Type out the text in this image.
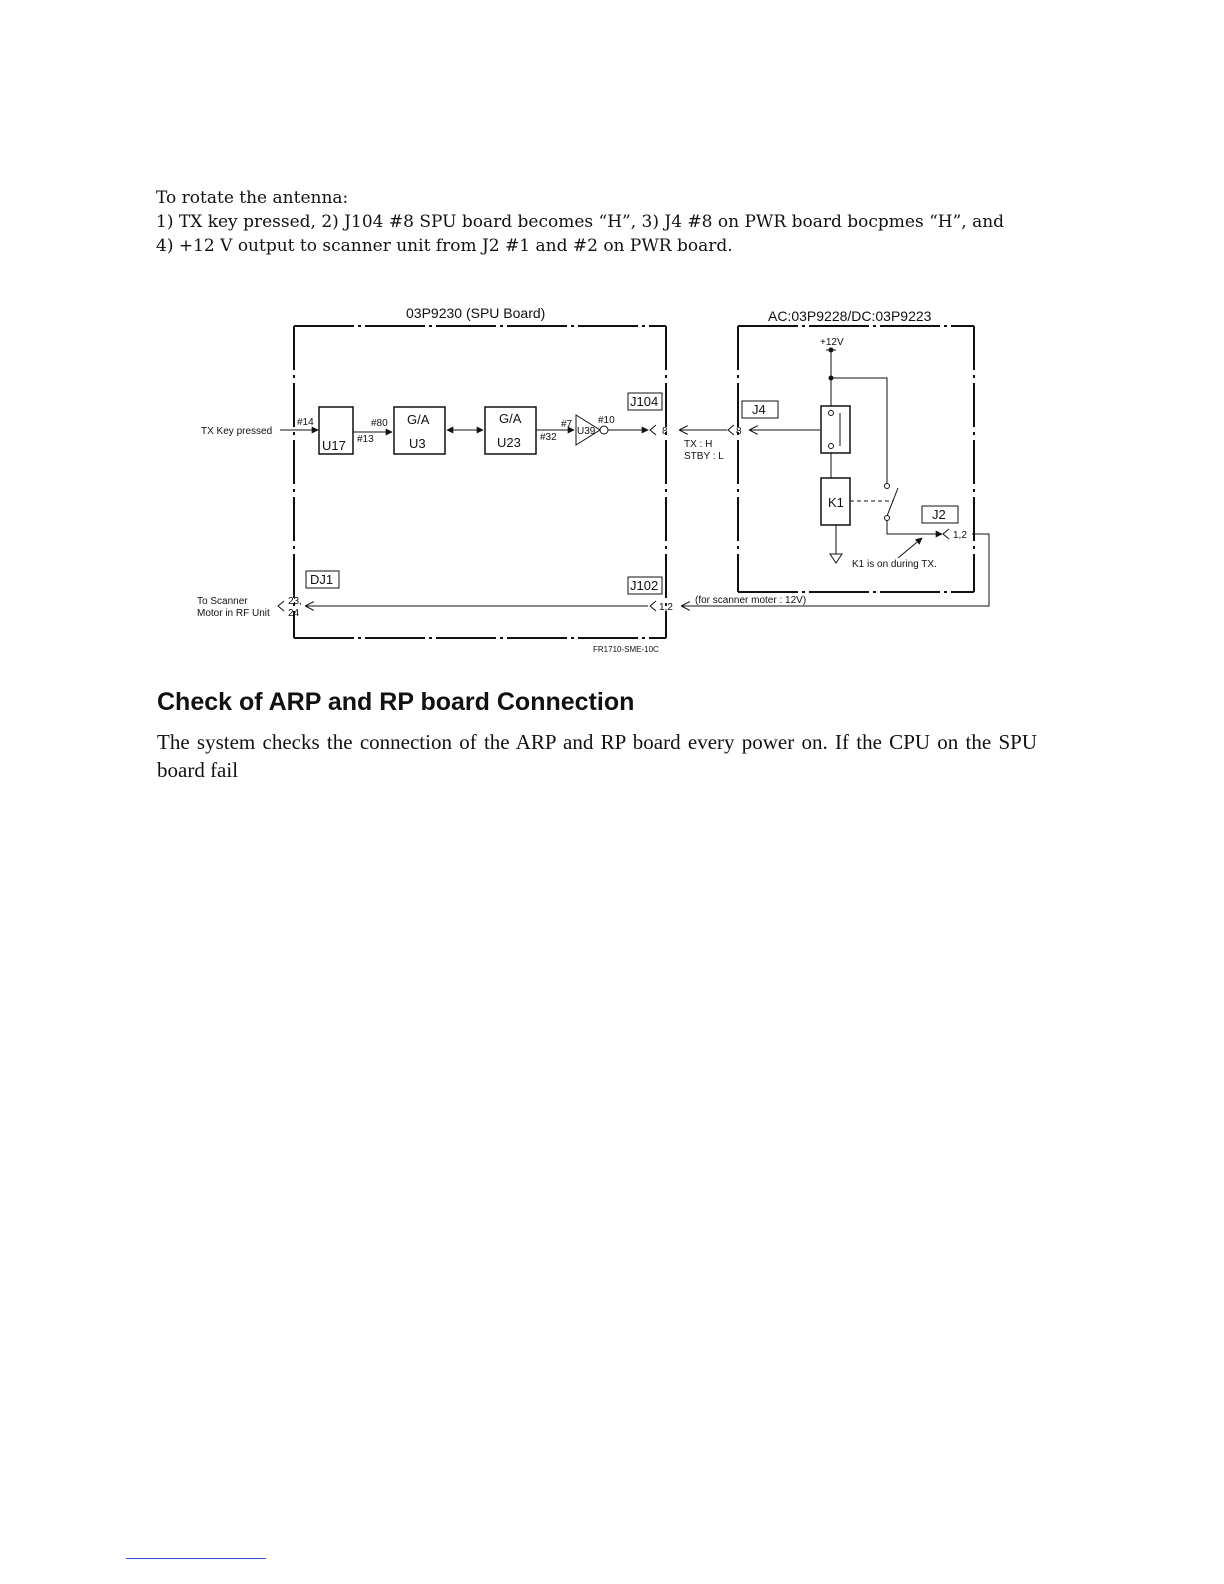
To rotate the antenna:

1) TX key pressed, 2) J104 #8 SPU board becomes “H”, 3) J4 #8 on PWR board bocpmes “H”, and

4) +12 V output to scanner unit from J2 #1 and #2 on PWR board.

03P9230 (SPU Board)	AC:03P9228/DC:03P9223
TX Key pressed
#14
U17
#80
#13
G/A
U3
G/A
U23
#7
#32
U39
#10
8
J104
TX : H
STBY : L
8
J4
+12V
K1
1,2
J2
K1 is on during TX.
(for scanner moter : 12V)
J102
1,2
DJ1
23,
24
To Scanner
Motor in RF Unit
FR1710-SME-10C
Check of ARP and RP board Connection

The system checks the connection of the ARP and RP board every power on. If the CPU on the SPU board fail
